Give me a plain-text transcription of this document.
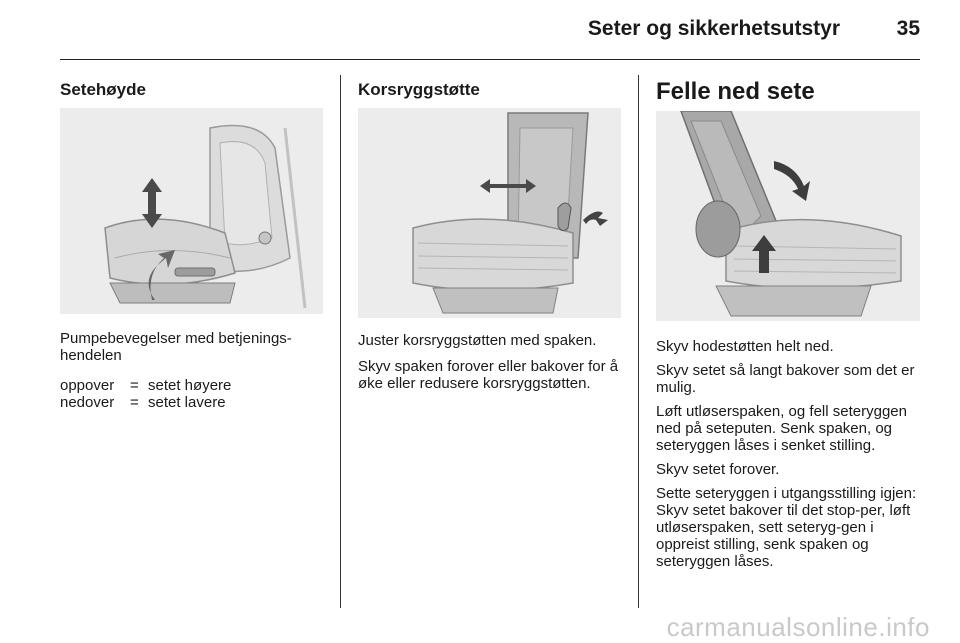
Seter og sikkerhetsutstyr	35
Setehøyde

Pumpebevegelser med betjenings-
hendelen

oppover	=	setet høyere
nedover	=	setet lavere
Korsryggstøtte

Juster korsryggstøtten med spaken.

Skyv spaken forover eller bakover for å øke eller redusere korsryggstøtten.

Felle ned sete

Skyv hodestøtten helt ned.

Skyv setet så langt bakover som det er mulig.

Løft utløserspaken, og fell seteryggen ned på seteputen. Senk spaken, og seteryggen låses i senket stilling.

Skyv setet forover.

Sette seteryggen i utgangsstilling igjen: Skyv setet bakover til det stop-per, løft utløserspaken, sett seteryg-gen i oppreist stilling, senk spaken og seteryggen låses.

carmanualsonline.info
